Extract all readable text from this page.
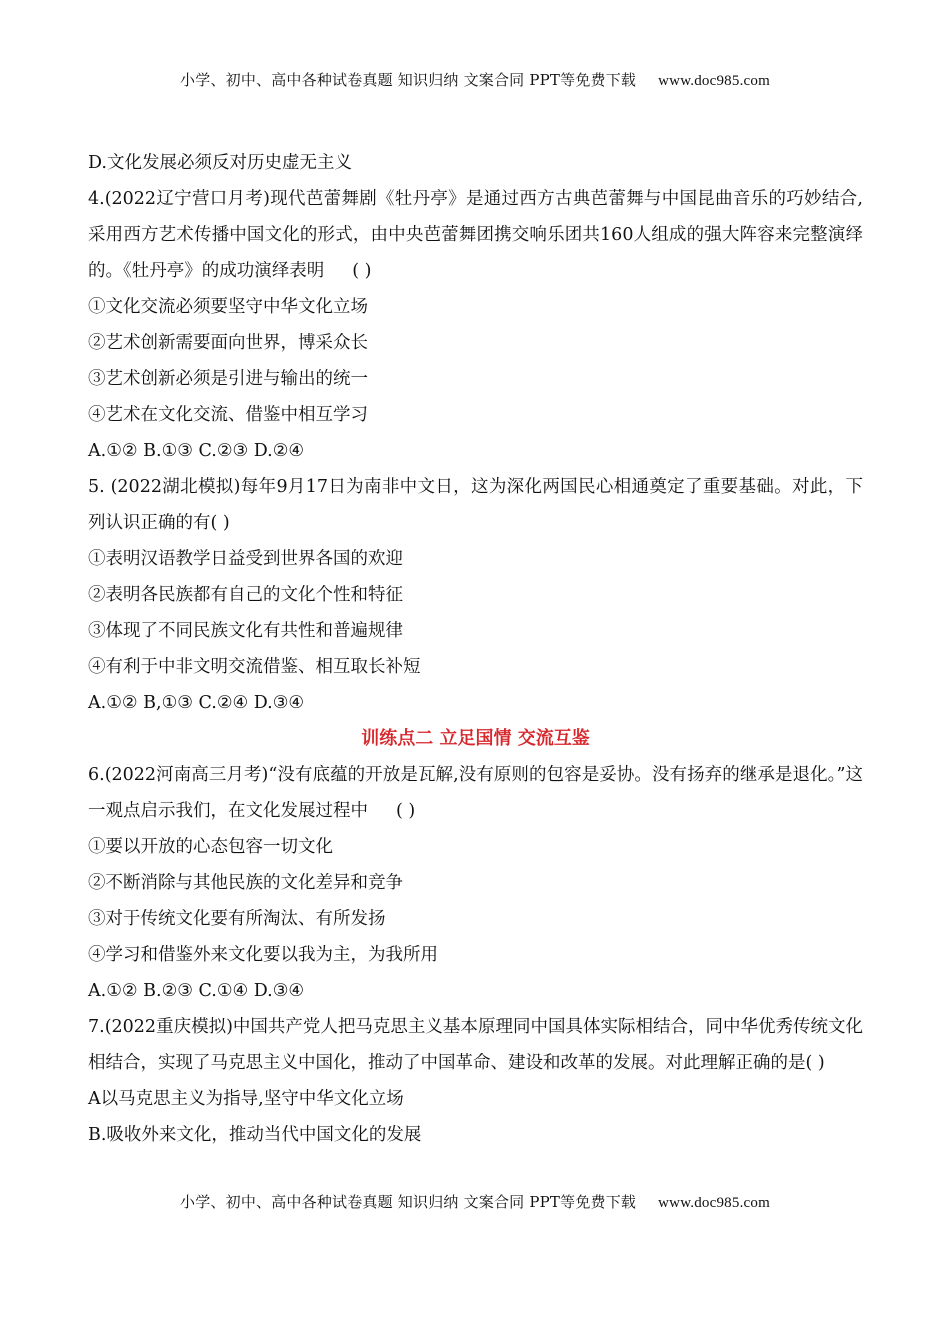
小学、初中、高中各种试卷真题 知识归纳 文案合同 PPT等免费下载 www.doc985.com
D.文化发展必须反对历史虚无主义
4.(2022辽宁营口月考)现代芭蕾舞剧《牡丹亭》是通过西方古典芭蕾舞与中国昆曲音乐的巧妙结合,采用西方艺术传播中国文化的形式，由中央芭蕾舞团携交响乐团共160人组成的强大阵容来完整演绎的。《牡丹亭》的成功演绎表明 ( )
①文化交流必须要坚守中华文化立场
②艺术创新需要面向世界，博采众长
③艺术创新必须是引进与输出的统一
④艺术在文化交流、借鉴中相互学习
A.①② B.①③ C.②③ D.②④
5. (2022湖北模拟)每年9月17日为南非中文日，这为深化两国民心相通奠定了重要基础。对此，下列认识正确的有( )
①表明汉语教学日益受到世界各国的欢迎
②表明各民族都有自己的文化个性和特征
③体现了不同民族文化有共性和普遍规律
④有利于中非文明交流借鉴、相互取长补短
A.①② B,①③ C.②④ D.③④
训练点二 立足国情 交流互鉴
6.(2022河南高三月考)“没有底蕴的开放是瓦解,没有原则的包容是妥协。没有扬弃的继承是退化。”这一观点启示我们，在文化发展过程中 ( )
①要以开放的心态包容一切文化
②不断消除与其他民族的文化差异和竞争
③对于传统文化要有所淘汰、有所发扬
④学习和借鉴外来文化要以我为主，为我所用
A.①② B.②③ C.①④ D.③④
7.(2022重庆模拟)中国共产党人把马克思主义基本原理同中国具体实际相结合，同中华优秀传统文化相结合，实现了马克思主义中国化，推动了中国革命、建设和改革的发展。对此理解正确的是( )
A以马克思主义为指导,坚守中华文化立场
B.吸收外来文化，推动当代中国文化的发展
小学、初中、高中各种试卷真题 知识归纳 文案合同 PPT等免费下载 www.doc985.com
